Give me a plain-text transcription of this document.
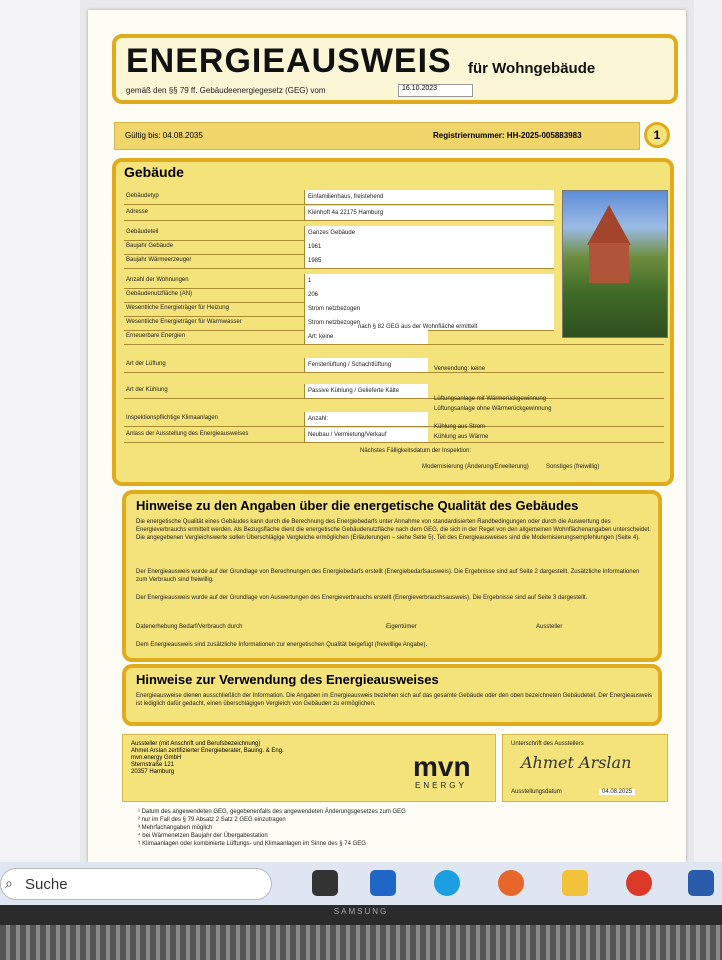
ENERGIEAUSWEIS für Wohngebäude
gemäß den §§ 79 ff. Gebäudeenergiegesetz (GEG) vom	16.10.2023
Gültig bis: 04.08.2035	Registriernummer: HH-2025-005883983	1
Gebäude
Gebäudetyp	Einfamilienhaus, freistehend
Adresse	Kienhoft 4a 22175 Hamburg
Gebäudeteil	Ganzes Gebäude
Baujahr Gebäude	1961
Baujahr Wärmeerzeuger	1985
Anzahl der Wohnungen	1
Gebäudenutzfläche (AN)	206
Wesentliche Energieträger für Heizung	Strom netzbezogen
Wesentliche Energieträger für Warmwasser	Strom netzbezogen
Erneuerbare Energien	Art: keine
Art der Lüftung	Fensterlüftung / Schachtlüftung
Art der Kühlung	Passive Kühlung / Gelieferte Kälte
Inspektionspflichtige Klimaanlagen	Anzahl:
Anlass der Ausstellung des Energieausweises	Neubau / Vermietung/Verkauf
nach § 82 GEG aus der Wohnfläche ermittelt
Verwendung: keine
Lüftungsanlage mit Wärmerückgewinnung
Lüftungsanlage ohne Wärmerückgewinnung
Kühlung aus Strom
Kühlung aus Wärme
Nächstes Fälligkeitsdatum der Inspektion:
Modernisierung (Änderung/Erweiterung)	Sonstiges (freiwillig)
Hinweise zu den Angaben über die energetische Qualität des Gebäudes
Die energetische Qualität eines Gebäudes kann durch die Berechnung des Energiebedarfs unter Annahme von standardisierten Randbedingungen oder durch die Auswertung des Energieverbrauchs ermittelt werden. Als Bezugsfläche dient die energetische Gebäudenutzfläche nach dem GEG, die sich in der Regel von den allgemeinen Wohnflächenangaben unterscheidet. Die angegebenen Vergleichswerte sollen Überschlägige Vergleiche ermöglichen (Erläuterungen – siehe Seite 5). Teil des Energieausweises sind die Modernisierungsempfehlungen (Seite 4).
Der Energieausweis wurde auf der Grundlage von Berechnungen des Energiebedarfs erstellt (Energiebedarfsausweis). Die Ergebnisse sind auf Seite 2 dargestellt. Zusätzliche Informationen zum Verbrauch sind freiwillig.
Der Energieausweis wurde auf der Grundlage von Auswertungen des Energieverbrauchs erstellt (Energieverbrauchsausweis). Die Ergebnisse sind auf Seite 3 dargestellt.
Datenerhebung Bedarf/Verbrauch durch	Eigentümer	Aussteller
Dem Energieausweis sind zusätzliche Informationen zur energetischen Qualität beigefügt (freiwillige Angabe).
Hinweise zur Verwendung des Energieausweises
Energieausweise dienen ausschließlich der Information. Die Angaben im Energieausweis beziehen sich auf das gesamte Gebäude oder den oben bezeichneten Gebäudeteil. Der Energieausweis ist lediglich dafür gedacht, einen überschlägigen Vergleich von Gebäuden zu ermöglichen.
Aussteller (mit Anschrift und Berufsbezeichnung)
Ahmet Arslan zertifizierter Energieberater, Bauing. & Eng.
mvn.energy GmbH
Sternstraße 121
20357 Hamburg	mvn
ENERGY
Unterschrift des Ausstellers
Ahmet Arslan
Ausstellungsdatum	04.08.2025
¹ Datum des angewendeten GEG, gegebenenfalls des angewendeten Änderungsgesetzes zum GEG
² nur im Fall des § 79 Absatz 2 Satz 2 GEG einzutragen
³ Mehrfachangaben möglich
⁴ bei Wärmenetzen Baujahr der Übergabestation
⁵ Klimaanlagen oder kombinierte Lüftungs- und Klimaanlagen im Sinne des § 74 GEG
⌕ Suche
SAMSUNG
